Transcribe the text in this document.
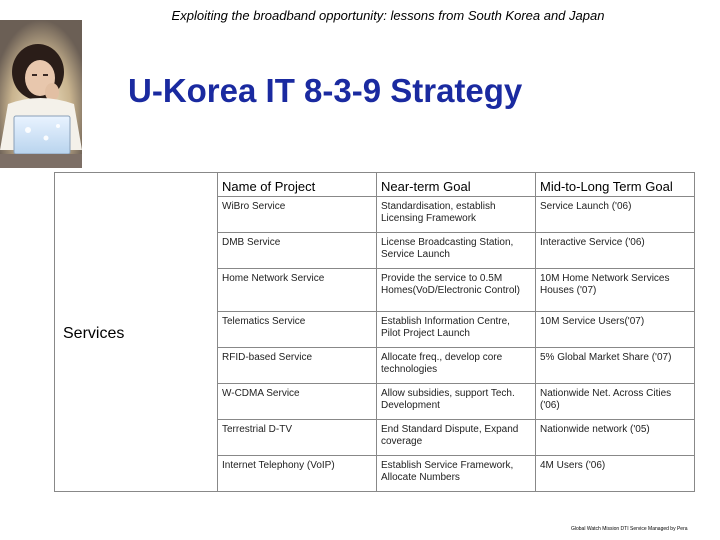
Exploiting the broadband opportunity: lessons from South Korea and Japan
U-Korea IT 8-3-9 Strategy
Services	Name of Project	Near-term Goal	Mid-to-Long Term Goal
	WiBro Service	Standardisation, establish Licensing Framework	Service Launch ('06)
	DMB Service	License Broadcasting Station, Service Launch	Interactive Service ('06)
	Home Network Service	Provide the service to 0.5M Homes(VoD/Electronic Control)	10M Home Network Services Houses ('07)
	Telematics Service	Establish Information Centre, Pilot Project Launch	10M Service Users('07)
	RFID-based Service	Allocate freq., develop core technologies	5% Global Market Share ('07)
	W-CDMA Service	Allow subsidies, support Tech. Development	Nationwide Net. Across Cities ('06)
	Terrestrial D-TV	End Standard Dispute, Expand coverage	Nationwide network ('05)
	Internet Telephony (VoIP)	Establish Service Framework, Allocate Numbers	4M Users ('06)
Global Watch Mission DTI Service Managed by Pera
